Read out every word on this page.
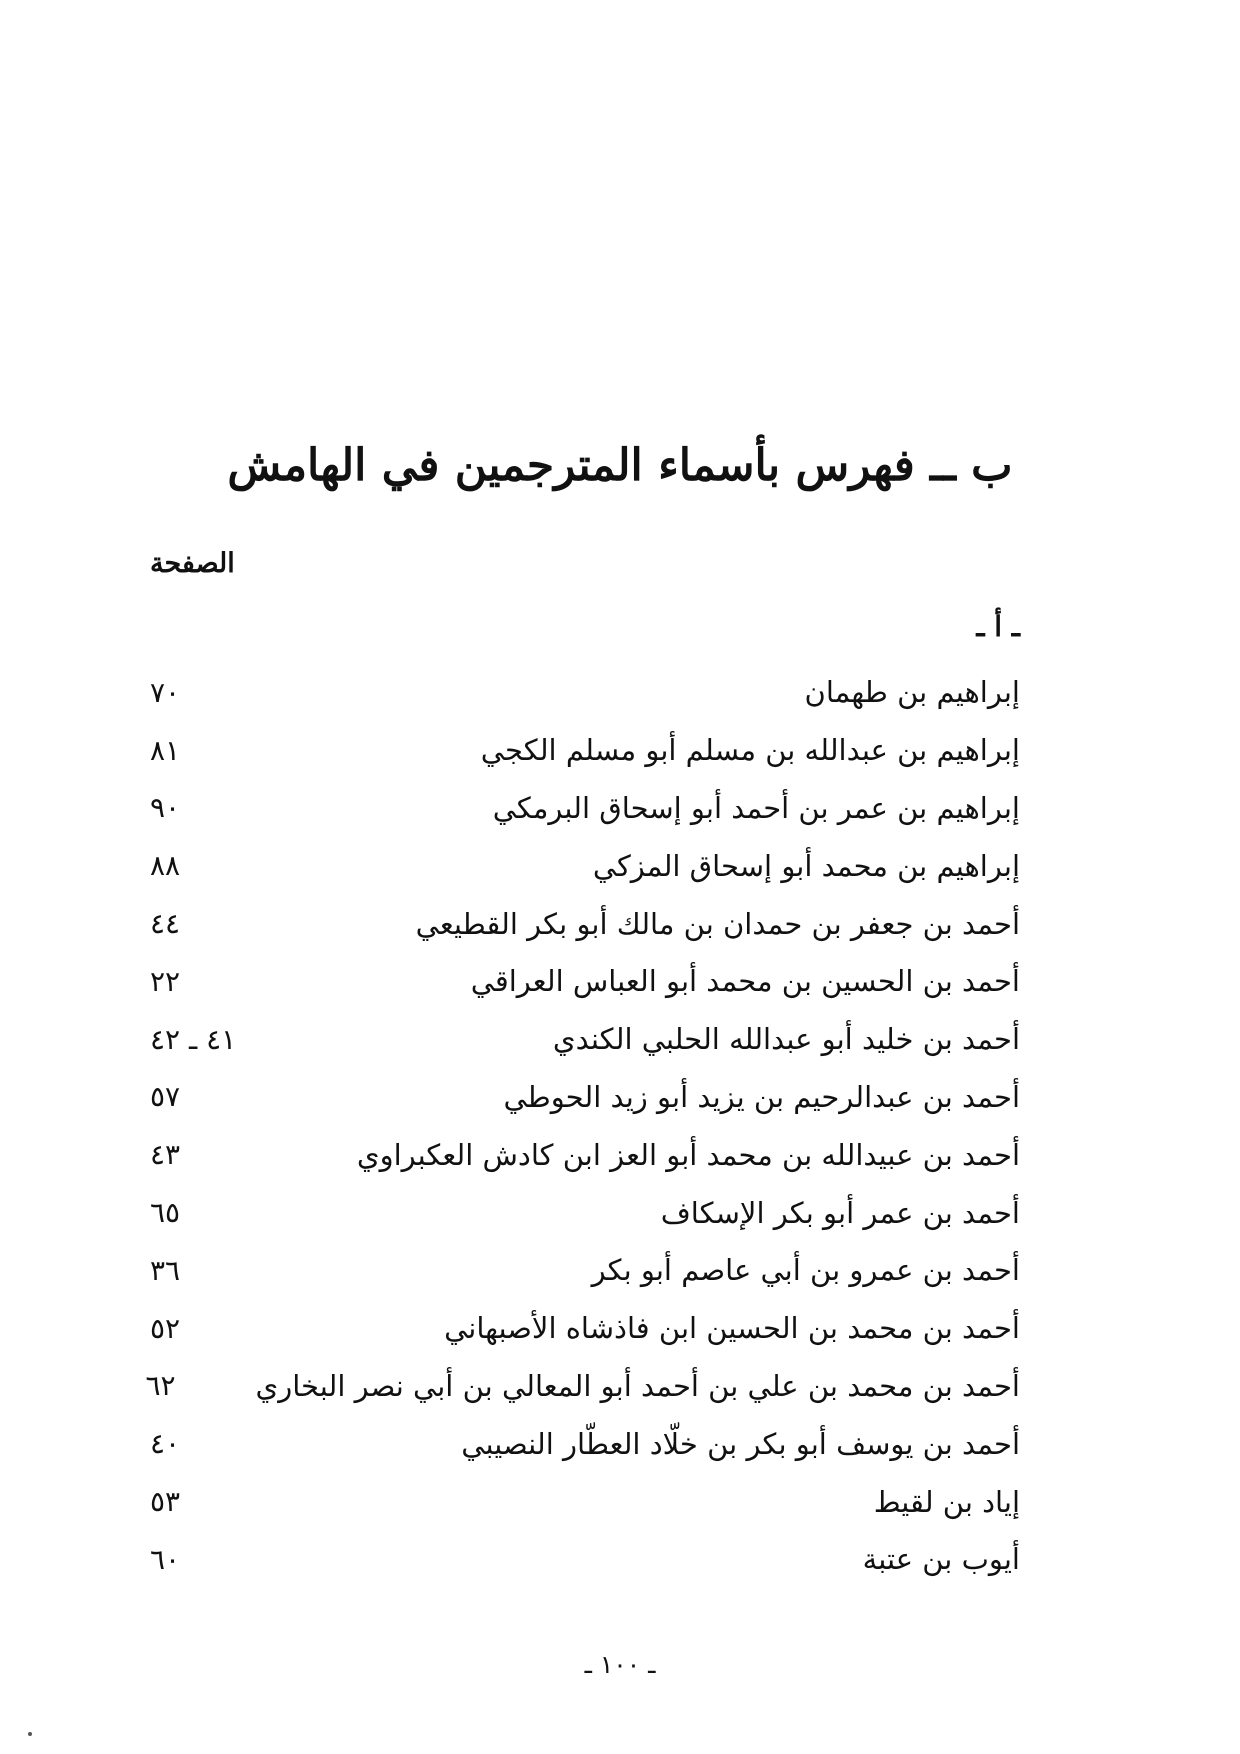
ب ــ فهرس بأسماء المترجمين في الهامش
الصفحة
ـ أ ـ
إبراهيم بن طهمان
٧٠
إبراهيم بن عبدالله بن مسلم أبو مسلم الكجي
٨١
إبراهيم بن عمر بن أحمد أبو إسحاق البرمكي
٩٠
إبراهيم بن محمد أبو إسحاق المزكي
٨٨
أحمد بن جعفر بن حمدان بن مالك أبو بكر القطيعي
٤٤
أحمد بن الحسين بن محمد أبو العباس العراقي
٢٢
أحمد بن خليد أبو عبدالله الحلبي الكندي
٤١ ـ ٤٢
أحمد بن عبدالرحيم بن يزيد أبو زيد الحوطي
٥٧
أحمد بن عبيدالله بن محمد أبو العز ابن كادش العكبراوي
٤٣
أحمد بن عمر أبو بكر الإسكاف
٦٥
أحمد بن عمرو بن أبي عاصم أبو بكر
٣٦
أحمد بن محمد بن الحسين ابن فاذشاه الأصبهاني
٥٢
أحمد بن محمد بن علي بن أحمد أبو المعالي بن أبي نصر البخاري
٦٢
أحمد بن يوسف أبو بكر بن خلّاد العطّار النصيبي
٤٠
إياد بن لقيط
٥٣
أيوب بن عتبة
٦٠
ـ ١٠٠ ـ
